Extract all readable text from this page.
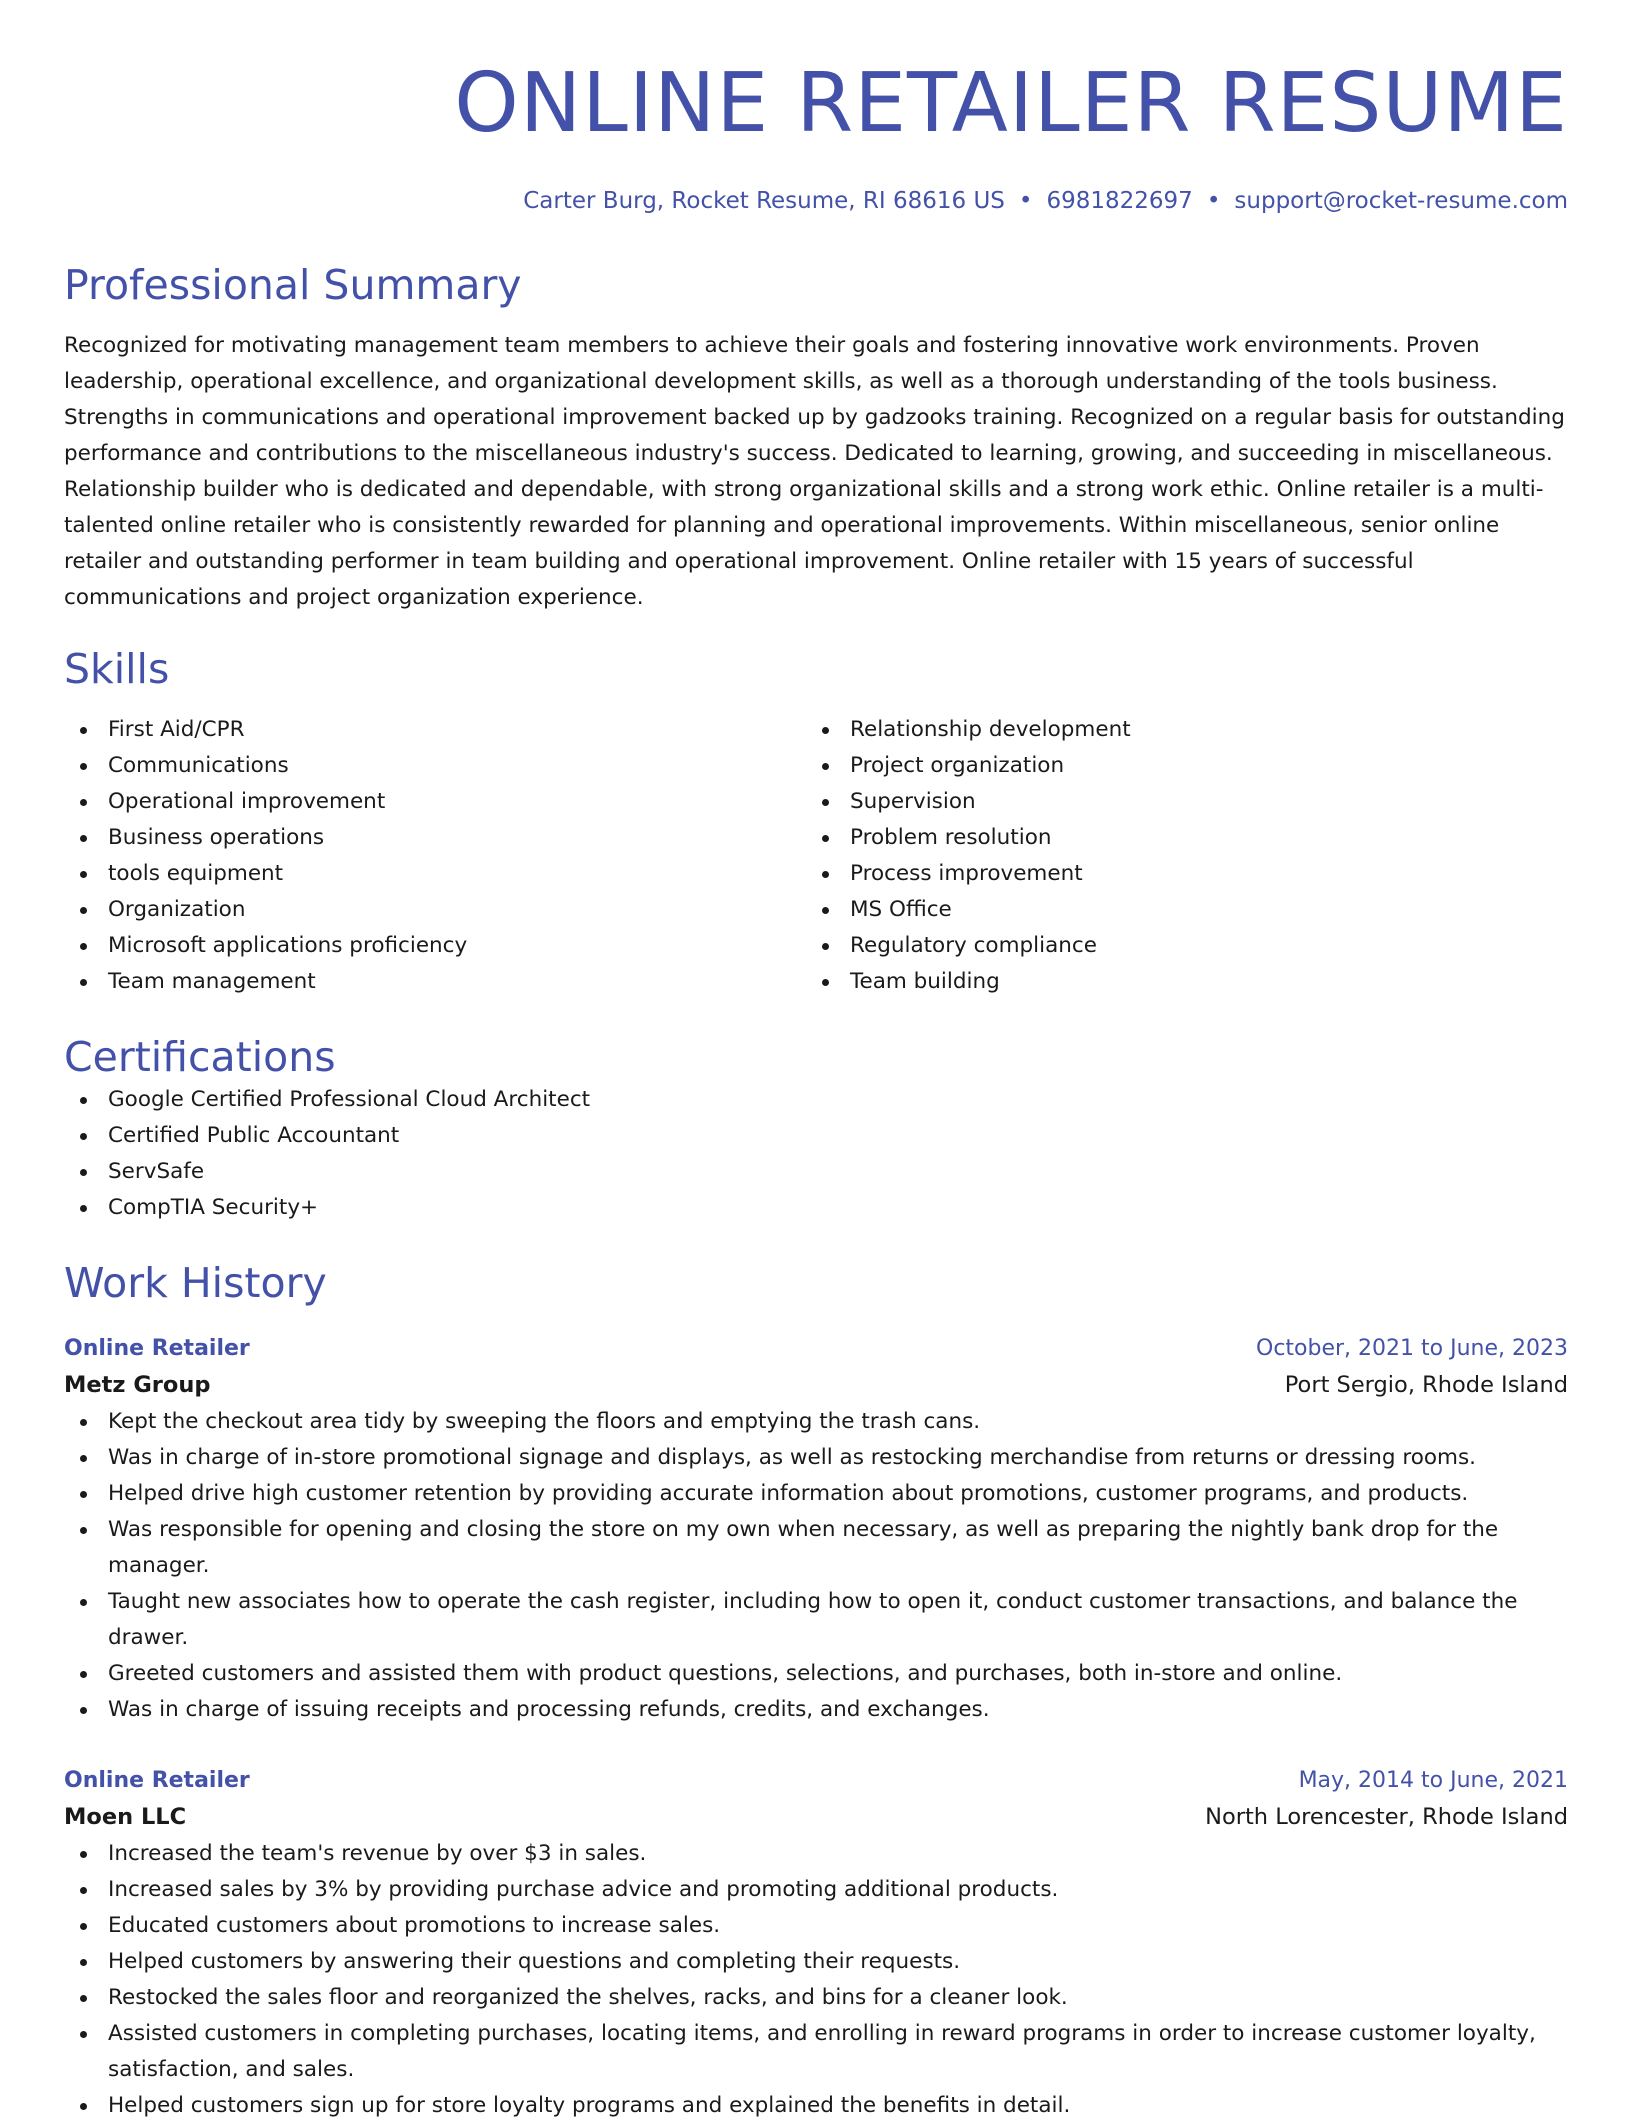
ONLINE RETAILER RESUME
Carter Burg, Rocket Resume, RI 68616 US • 6981822697 • support@rocket-resume.com
Professional Summary

Recognized for motivating management team members to achieve their goals and fostering innovative work environments. Proven leadership, operational excellence, and organizational development skills, as well as a thorough understanding of the tools business. Strengths in communications and operational improvement backed up by gadzooks training. Recognized on a regular basis for outstanding performance and contributions to the miscellaneous industry's success. Dedicated to learning, growing, and succeeding in miscellaneous. Relationship builder who is dedicated and dependable, with strong organizational skills and a strong work ethic. Online retailer is a multi-talented online retailer who is consistently rewarded for planning and operational improvements. Within miscellaneous, senior online retailer and outstanding performer in team building and operational improvement. Online retailer with 15 years of successful communications and project organization experience.

Skills
First Aid/CPR
Communications
Operational improvement
Business operations
tools equipment
Organization
Microsoft applications proficiency
Team management
Relationship development
Project organization
Supervision
Problem resolution
Process improvement
MS Office
Regulatory compliance
Team building
Certifications
Google Certified Professional Cloud Architect
Certified Public Accountant
ServSafe
CompTIA Security+
Work History
Online Retailer	October, 2021 to June, 2023
Metz Group	Port Sergio, Rhode Island
Kept the checkout area tidy by sweeping the floors and emptying the trash cans.
Was in charge of in-store promotional signage and displays, as well as restocking merchandise from returns or dressing rooms.
Helped drive high customer retention by providing accurate information about promotions, customer programs, and products.
Was responsible for opening and closing the store on my own when necessary, as well as preparing the nightly bank drop for the manager.
Taught new associates how to operate the cash register, including how to open it, conduct customer transactions, and balance the drawer.
Greeted customers and assisted them with product questions, selections, and purchases, both in-store and online.
Was in charge of issuing receipts and processing refunds, credits, and exchanges.
Online Retailer	May, 2014 to June, 2021
Moen LLC	North Lorencester, Rhode Island
Increased the team's revenue by over $3 in sales.
Increased sales by 3% by providing purchase advice and promoting additional products.
Educated customers about promotions to increase sales.
Helped customers by answering their questions and completing their requests.
Restocked the sales floor and reorganized the shelves, racks, and bins for a cleaner look.
Assisted customers in completing purchases, locating items, and enrolling in reward programs in order to increase customer loyalty, satisfaction, and sales.
Helped customers sign up for store loyalty programs and explained the benefits in detail.
